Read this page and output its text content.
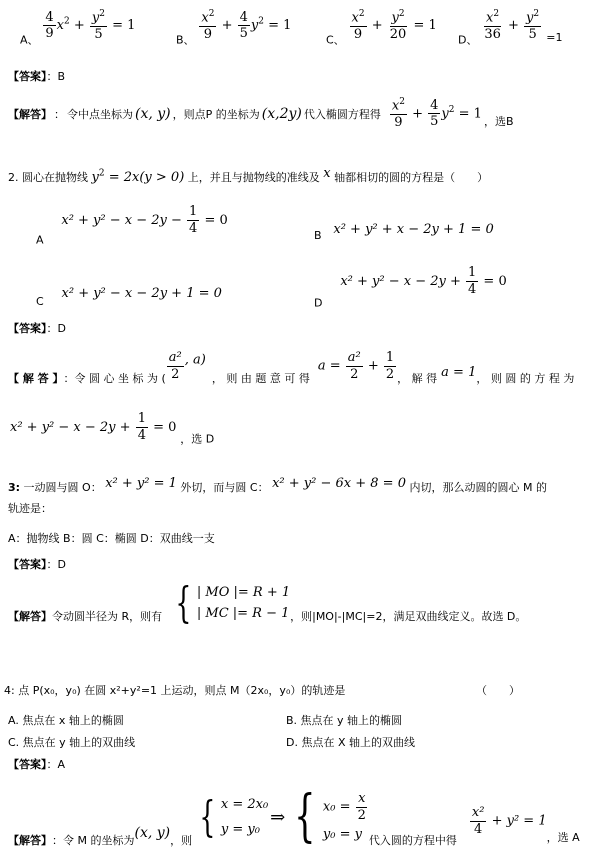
A、 $\frac{4}{9} x^2 + \frac{y^2}{5} = 1$
B、 $\frac{x^2}{9} + \frac{4}{5} y^2 = 1$
C、 $\frac{x^2}{9} + \frac{y^2}{20} = 1$
D、 $\frac{x^2}{36} + \frac{y^2}{5} _{=1}$
【答案】：B
【解答】 ： 令中点坐标为 (x, y) ，则点P 的坐标为 (x,2y) 代入椭圆方程得 $\frac{x^2}{9} + \frac{4}{5} y^2 = 1$ ，选B
2. 圆心在抛物线 $y^2 = 2x(y > 0)$ 上，并且与抛物线的准线及 x 轴都相切的圆的方程是（　　）
A $x^2 + y^2 - x - 2y - \frac{1}{4} = 0$
B x² + y² + x − 2y + 1 = 0
C x² + y² − x − 2y + 1 = 0
D $x^2 + y^2 - x - 2y + \frac{1}{4} = 0$
【答案】：D
【 解 答 】 ： 令 圆 心 坐 标 为 ( $\frac{\text{a²}}{2}$ , a)
， 则 由 题 意 可 得
$a = \frac{\text{a²}}{2} + \frac{1}{2}$ ， 解 得 a = 1 ， 则 圆 的 方 程 为
$x^2 + y^2 - x - 2y + \frac{1}{4} = 0$ ，选 D
3: 一动圆与圆 O： x² + y² = 1 外切，而与圆 C： x² + y² − 6x + 8 = 0 内切，那么动圆的圆心 M 的
轨迹是：
A：抛物线 B：圆 C：椭圆 D：双曲线一支
【答案】：D
【解答】 令动圆半径为 R，则有 { | MO |= R + 1
| MC |= R − 1 ，则|MO|-|MC|=2，满足双曲线定义。故选 D。
4: 点 P(x₀，y₀) 在圆 x²+y²=1 上运动，则点 M（2x₀，y₀）的轨迹是	（　　）
A. 焦点在 x 轴上的椭圆	B. 焦点在 y 轴上的椭圆
C. 焦点在 y 轴上的双曲线	D. 焦点在 X 轴上的双曲线
【答案】：A
【解答】 ： 令 M 的坐标为 (x, y) ，则 { x = 2x₀
y = y₀
⇒ { $x_0 = \frac{x}{2}$
y₀ = y 代入圆的方程中得
$\frac{\text{x²}}{4} + y^2 = 1$
，选 A
